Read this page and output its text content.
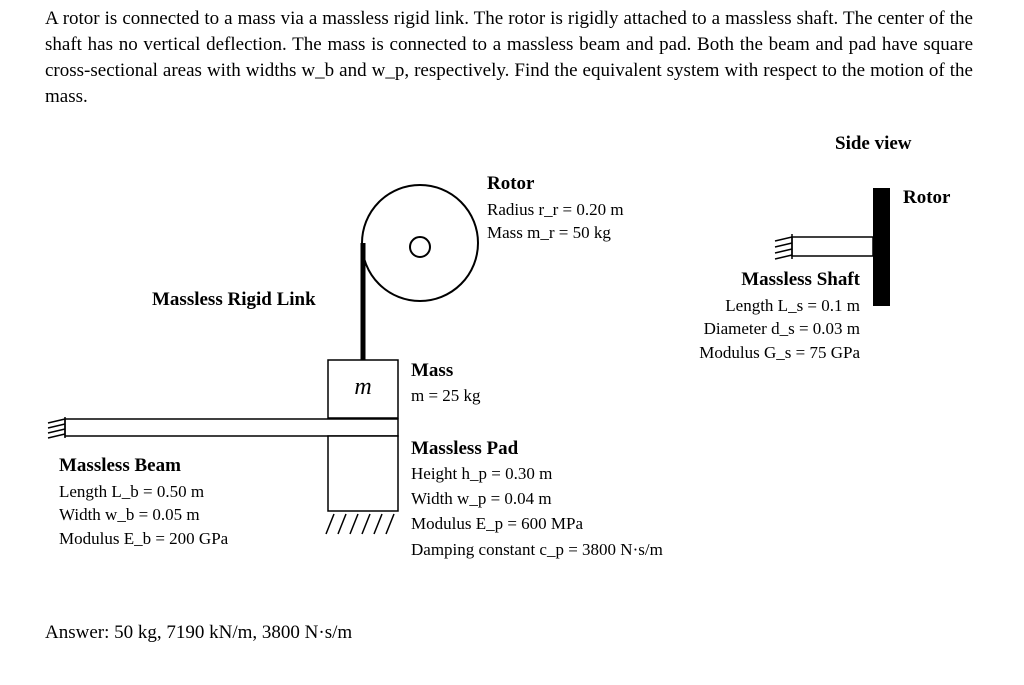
A rotor is connected to a mass via a massless rigid link. The rotor is rigidly attached to a massless shaft. The center of the shaft has no vertical deflection. The mass is connected to a massless beam and pad. Both the beam and pad have square cross-sectional areas with widths w_b and w_p, respectively. Find the equivalent system with respect to the motion of the mass.

Rotor
Radius r_r = 0.20 m
Mass m_r = 50 kg
Side view
Rotor
Massless Shaft
Length L_s = 0.1 m
Diameter d_s = 0.03 m
Modulus G_s = 75 GPa
Massless Rigid Link
m
Mass
m = 25 kg
Massless Pad
Height h_p = 0.30 m
Width w_p = 0.04 m
Modulus E_p = 600 MPa
Damping constant c_p = 3800 N·s/m
Massless Beam
Length L_b = 0.50 m
Width w_b = 0.05 m
Modulus E_b = 200 GPa
Answer: 50 kg, 7190 kN/m, 3800 N·s/m
